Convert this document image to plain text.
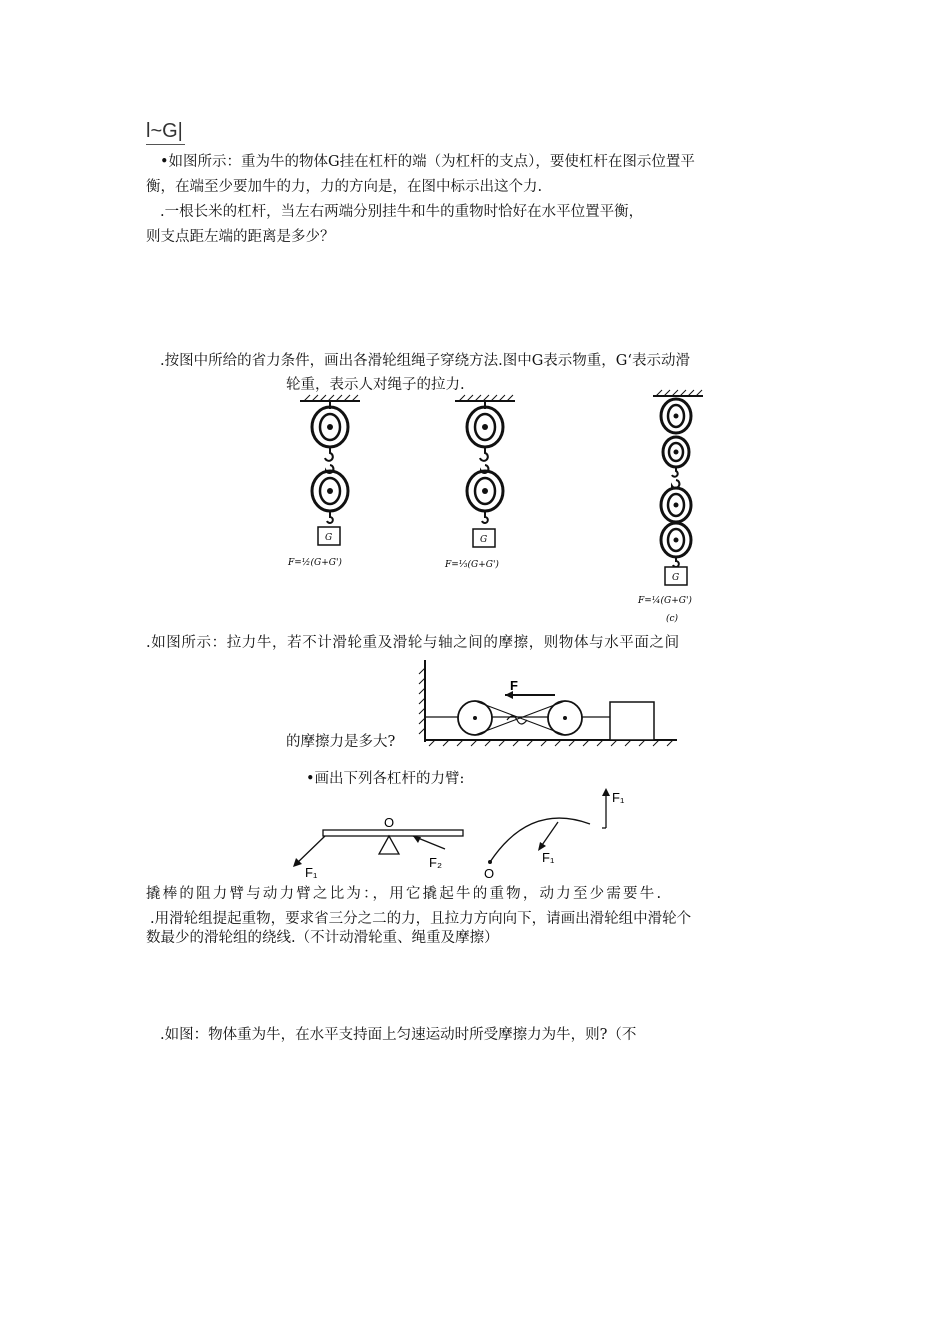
l~G|
•如图所示：重为牛的物体G挂在杠杆的端（为杠杆的支点），要使杠杆在图示位置平
衡，在端至少要加牛的力，力的方向是，在图中标示出这个力.
.一根长米的杠杆，当左右两端分别挂牛和牛的重物时恰好在水平位置平衡，
则支点距左端的距离是多少？
.按图中所给的省力条件，画出各滑轮组绳子穿绕方法.图中G表示物重，G‘表示动滑
轮重，表示人对绳子的拉力.
G
F=½(G+G')
G
F=⅓(G+G')
G
F=¼(G+G')
(c)
.如图所示：拉力牛，若不计滑轮重及滑轮与轴之间的摩擦，则物体与水平面之间
F
的摩擦力是多大?
•画出下列各杠杆的力臂:
O
F₁
F₂
O
F₁
F₁
撬棒的阻力臂与动力臂之比为：，用它撬起牛的重物，动力至少需要牛.
.用滑轮组提起重物，要求省三分之二的力，且拉力方向向下，请画出滑轮组中滑轮个
数最少的滑轮组的绕线.（不计动滑轮重、绳重及摩擦）
.如图：物体重为牛，在水平支持面上匀速运动时所受摩擦力为牛，则?（不
